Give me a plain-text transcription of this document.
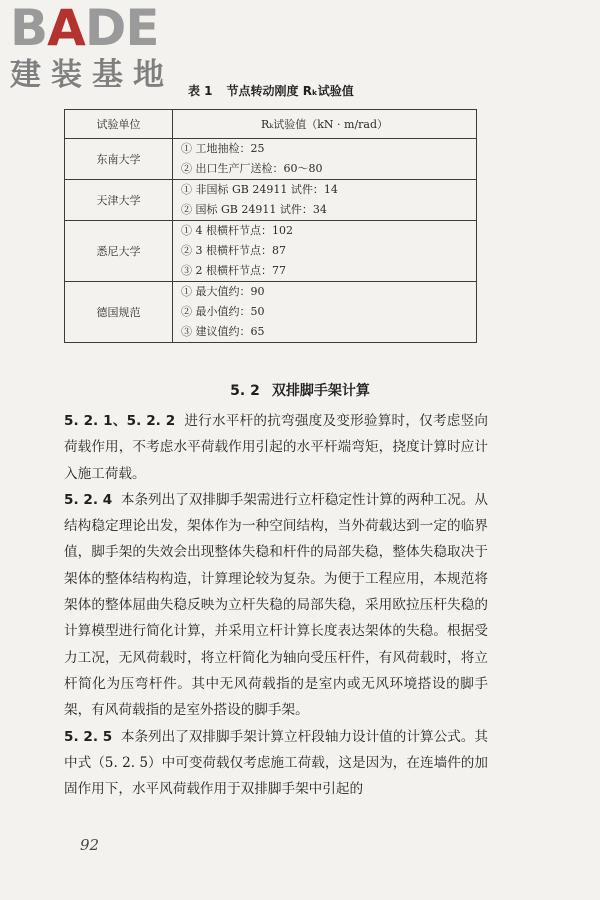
BADE
建装基地	表 1 节点转动刚度 Rₖ试验值
试验单位	Rₖ试验值（kN · m/rad）
东南大学	① 工地抽检：25
② 出口生产厂送检：60～80

天津大学	① 非国标 GB 24911 试件：14
② 国标 GB 24911 试件：34

悉尼大学	① 4 根横杆节点：102
② 3 根横杆节点：87
③ 2 根横杆节点：77

德国规范	① 最大值约：90
② 最小值约：50
③ 建议值约：65
5. 2 双排脚手架计算

5. 2. 1、5. 2. 2 进行水平杆的抗弯强度及变形验算时，仅考虑竖向荷载作用，不考虑水平荷载作用引起的水平杆端弯矩，挠度计算时应计入施工荷载。

5. 2. 4 本条列出了双排脚手架需进行立杆稳定性计算的两种工况。从结构稳定理论出发，架体作为一种空间结构，当外荷载达到一定的临界值，脚手架的失效会出现整体失稳和杆件的局部失稳，整体失稳取决于架体的整体结构构造，计算理论较为复杂。为便于工程应用，本规范将架体的整体屈曲失稳反映为立杆失稳的局部失稳，采用欧拉压杆失稳的计算模型进行简化计算，并采用立杆计算长度表达架体的失稳。根据受力工况，无风荷载时，将立杆简化为轴向受压杆件，有风荷载时，将立杆简化为压弯杆件。其中无风荷载指的是室内或无风环境搭设的脚手架，有风荷载指的是室外搭设的脚手架。

5. 2. 5 本条列出了双排脚手架计算立杆段轴力设计值的计算公式。其中式（5. 2. 5）中可变荷载仅考虑施工荷载，这是因为，在连墙件的加固作用下，水平风荷载作用于双排脚手架中引起的

92
